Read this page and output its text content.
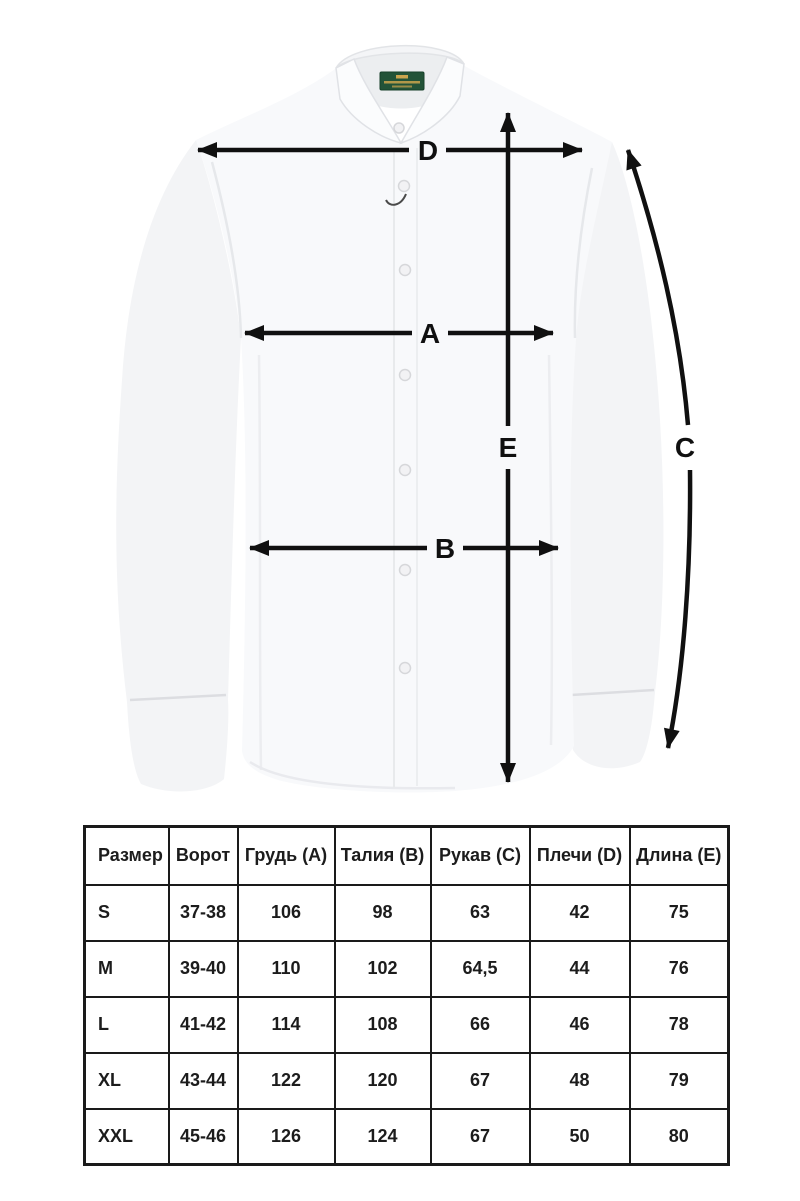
D
A
B
E	C
Размер	Ворот	Грудь (A)	Талия (B)	Рукав (C)	Плечи (D)	Длина (E)
S	37-38	106	98	63	42	75
M	39-40	110	102	64,5	44	76
L	41-42	114	108	66	46	78
XL	43-44	122	120	67	48	79
XXL	45-46	126	124	67	50	80
